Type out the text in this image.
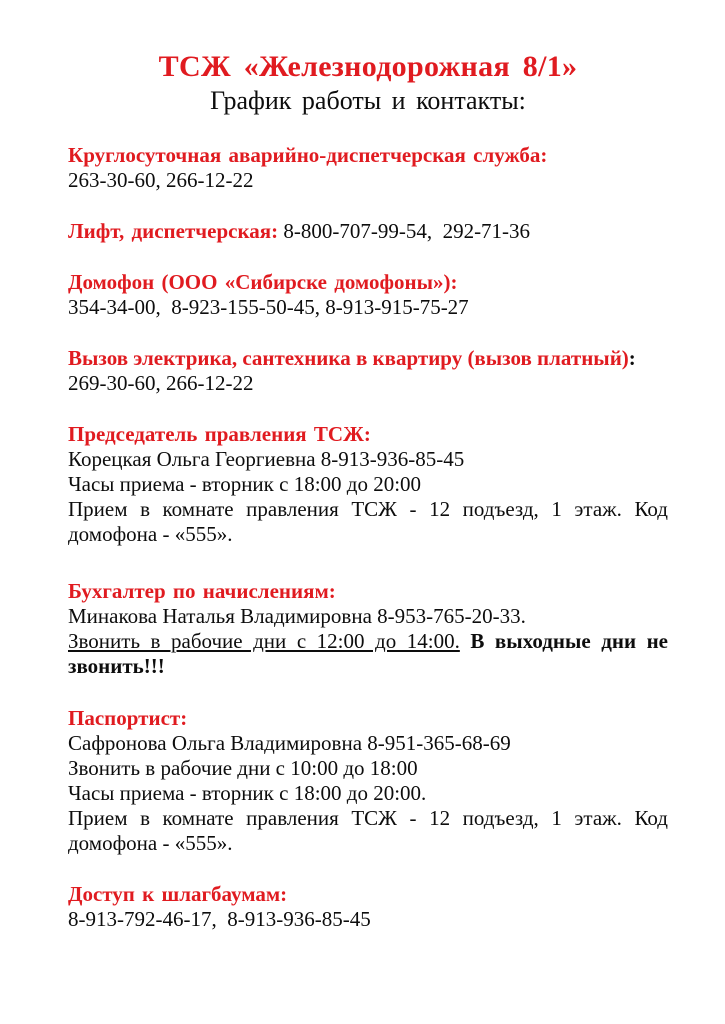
ТСЖ «Железнодорожная 8/1»

График работы и контакты:

Круглосуточная аварийно-диспетчерская служба:

263-30-60, 266-12-22

Лифт, диспетчерская: 8-800-707-99-54,  292-71-36

Домофон (ООО «Сибирске домофоны»):

354-34-00,  8-923-155-50-45, 8-913-915-75-27

Вызов электрика, сантехника в квартиру (вызов платный):

269-30-60, 266-12-22

Председатель правления ТСЖ:

Корецкая Ольга Георгиевна 8-913-936-85-45

Часы приема - вторник с 18:00 до 20:00

Прием в комнате правления ТСЖ - 12 подъезд, 1 этаж. Код домофона - «555».

Бухгалтер по начислениям:

Минакова Наталья Владимировна 8-953-765-20-33.

Звонить в рабочие дни с 12:00 до 14:00. В выходные дни не звонить!!!

Паспортист:

Сафронова Ольга Владимировна 8-951-365-68-69

Звонить в рабочие дни с 10:00 до 18:00

Часы приема - вторник с 18:00 до 20:00.

Прием в комнате правления ТСЖ - 12 подъезд, 1 этаж. Код домофона - «555».

Доступ к шлагбаумам:

8-913-792-46-17,  8-913-936-85-45
